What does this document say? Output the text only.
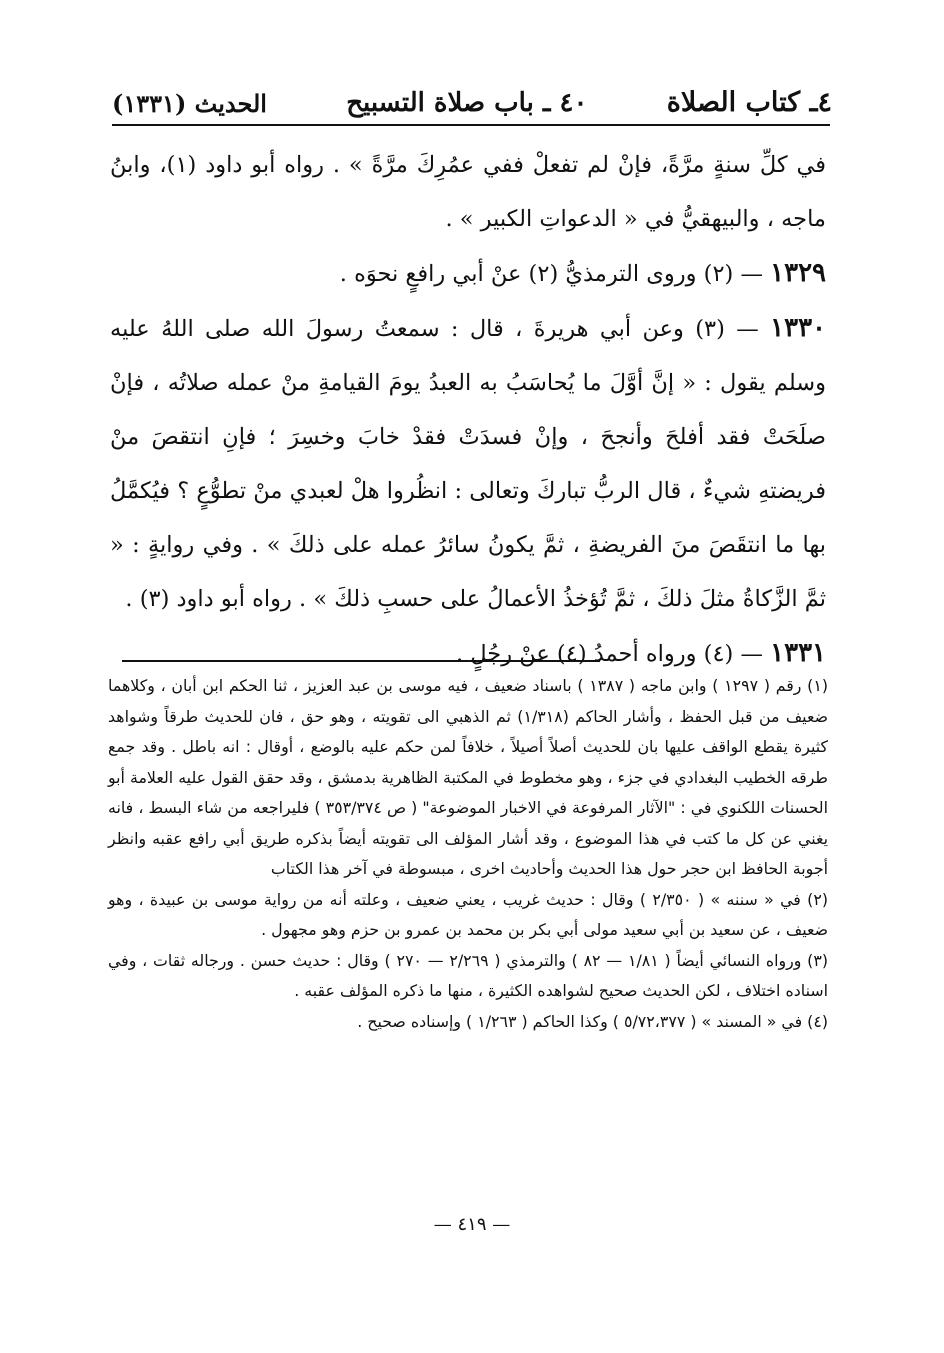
٤ـ كتاب الصلاة
٤٠ ـ باب صلاة التسبيح
الحديث (١٣٣١)

في كلِّ سنةٍ مرَّةً، فإنْ لم تفعلْ ففي عمُرِكَ مرَّةً » . رواه أبو داود (١)، وابنُ ماجه ، والبيهقيُّ في « الدعواتِ الكبير » .

١٣٢٩ — (٢) وروى الترمذيُّ (٢) عنْ أبي رافعٍ نحوَه .

١٣٣٠ — (٣) وعن أبي هريرةَ ، قال : سمعتُ رسولَ الله صلى اللهُ عليه وسلم يقول : « إنَّ أوَّلَ ما يُحاسَبُ به العبدُ يومَ القيامةِ منْ عمله صلاتُه ، فإنْ صلَحَتْ فقد أفلحَ وأنجحَ ، وإنْ فسدَتْ فقدْ خابَ وخسِرَ ؛ فإنِ انتقصَ منْ فريضتهِ شيءٌ ، قال الربُّ تباركَ وتعالى : انظُروا هلْ لعبدي منْ تطوُّعٍ ؟ فيُكمَّلُ بها ما انتقَصَ منَ الفريضةِ ، ثمَّ يكونُ سائرُ عمله على ذلكَ » . وفي روايةٍ : « ثمَّ الزَّكاةُ مثلَ ذلكَ ، ثمَّ تُؤخذُ الأعمالُ على حسبِ ذلكَ » . رواه أبو داود (٣) .

١٣٣١ — (٤) ورواه أحمدُ (٤) عنْ رجُلٍ .

(١) رقم ( ١٢٩٧ ) وابن ماجه ( ١٣٨٧ ) باسناد ضعيف ، فيه موسى بن عبد العزيز ، ثنا الحكم ابن أبان ، وكلاهما ضعيف من قبل الحفظ ، وأشار الحاكم (١/٣١٨) ثم الذهبي الى تقويته ، وهو حق ، فان للحديث طرقاً وشواهد كثيرة يقطع الواقف عليها بان للحديث أصلاً أصيلاً ، خلافاً لمن حكم عليه بالوضع ، أوقال : انه باطل . وقد جمع طرقه الخطيب البغدادي في جزء ، وهو مخطوط في المكتبة الظاهرية بدمشق ، وقد حقق القول عليه العلامة أبو الحسنات اللكنوي في : "الآثار المرفوعة في الاخبار الموضوعة" ( ص ٣٥٣/٣٧٤ ) فليراجعه من شاء البسط ، فانه يغني عن كل ما كتب في هذا الموضوع ، وقد أشار المؤلف الى تقويته أيضاً بذكره طريق أبي رافع عقبه وانظر أجوبة الحافظ ابن حجر حول هذا الحديث وأحاديث اخرى ، مبسوطة في آخر هذا الكتاب

(٢) في « سننه » ( ٢/٣٥٠ ) وقال : حديث غريب ، يعني ضعيف ، وعلته أنه من رواية موسى بن عبيدة ، وهو ضعيف ، عن سعيد بن أبي سعيد مولى أبي بكر بن محمد بن عمرو بن حزم وهو مجهول .

(٣) ورواه النسائي أيضاً ( ١/٨١ — ٨٢ ) والترمذي ( ٢/٢٦٩ — ٢٧٠ ) وقال : حديث حسن . ورجاله ثقات ، وفي اسناده اختلاف ، لكن الحديث صحيح لشواهده الكثيرة ، منها ما ذكره المؤلف عقبه .

(٤) في « المسند » ( ٥/٧٢،٣٧٧ ) وكذا الحاكم ( ١/٢٦٣ ) وإسناده صحيح .

— ٤١٩ —
